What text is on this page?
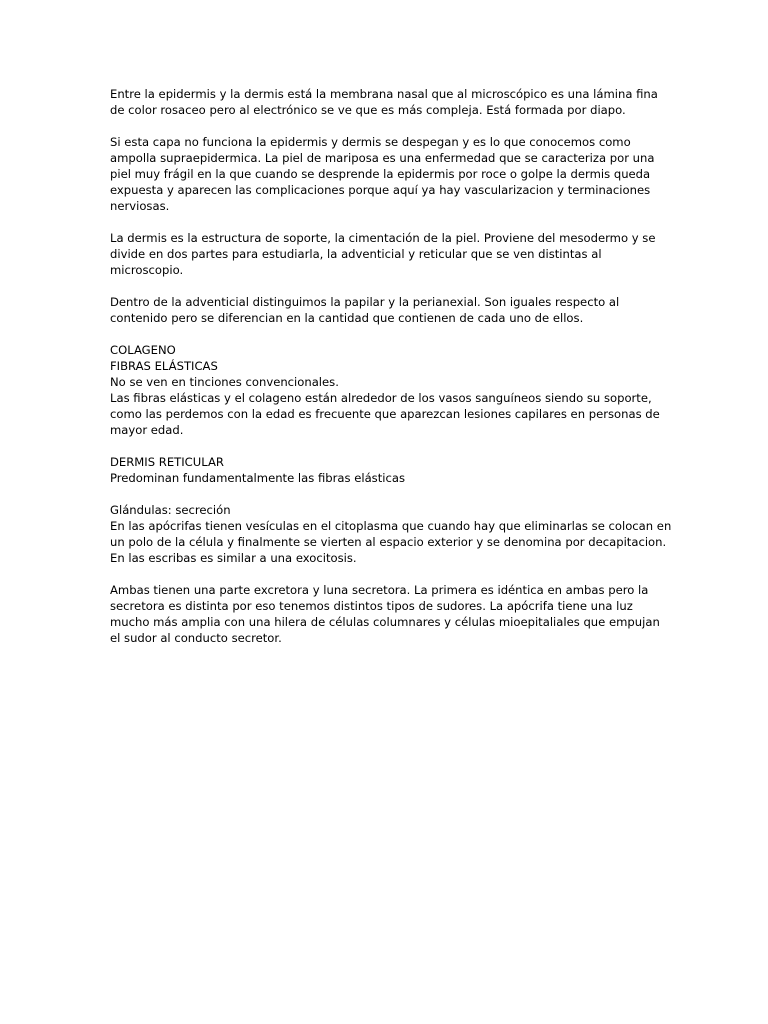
Entre la epidermis y la dermis está la membrana nasal que al microscópico es una lámina fina
de color rosaceo pero al electrónico se ve que es más compleja. Está formada por diapo.

Si esta capa no funciona la epidermis y dermis se despegan y es lo que conocemos como
ampolla supraepidermica. La piel de mariposa es una enfermedad que se caracteriza por una
piel muy frágil en la que cuando se desprende la epidermis por roce o golpe la dermis queda
expuesta y aparecen las complicaciones porque aquí ya hay vascularizacion y terminaciones
nerviosas.

La dermis es la estructura de soporte, la cimentación de la piel. Proviene del mesodermo y se
divide en dos partes para estudiarla, la adventicial y reticular que se ven distintas al
microscopio.

Dentro de la adventicial distinguimos la papilar y la perianexial. Son iguales respecto al
contenido pero se diferencian en la cantidad que contienen de cada uno de ellos.

COLAGENO
FIBRAS ELÁSTICAS
No se ven en tinciones convencionales.
Las fibras elásticas y el colageno están alrededor de los vasos sanguíneos siendo su soporte,
como las perdemos con la edad es frecuente que aparezcan lesiones capilares en personas de
mayor edad.

DERMIS RETICULAR
Predominan fundamentalmente las fibras elásticas

Glándulas: secreción
En las apócrifas tienen vesículas en el citoplasma que cuando hay que eliminarlas se colocan en
un polo de la célula y finalmente se vierten al espacio exterior y se denomina por decapitacion.
En las escribas es similar a una exocitosis.

Ambas tienen una parte excretora y luna secretora. La primera es idéntica en ambas pero la
secretora es distinta por eso tenemos distintos tipos de sudores. La apócrifa tiene una luz
mucho más amplia con una hilera de células columnares y células mioepitaliales que empujan
el sudor al conducto secretor.
